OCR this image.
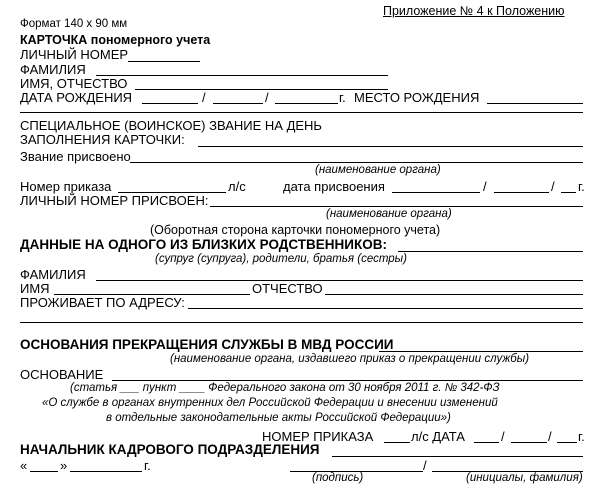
Приложение № 4 к Положению
Формат 140 x 90 мм
КАРТОЧКА пономерного учета
ЛИЧНЫЙ НОМЕР
ФАМИЛИЯ
ИМЯ, ОТЧЕСТВО
ДАТА РОЖДЕНИЯ	/	/	г. МЕСТО РОЖДЕНИЯ
СПЕЦИАЛЬНОЕ (ВОИНСКОЕ) ЗВАНИЕ НА ДЕНЬ
ЗАПОЛНЕНИЯ КАРТОЧКИ:
Звание присвоено
(наименование органа)
Номер приказа	л/с	дата присвоения	/	/ г.
ЛИЧНЫЙ НОМЕР ПРИСВОЕН:
(наименование органа)
(Оборотная сторона карточки пономерного учета)
ДАННЫЕ НА ОДНОГО ИЗ БЛИЗКИХ РОДСТВЕННИКОВ:
(супруг (супруга), родители, братья (сестры)
ФАМИЛИЯ
ИМЯ	ОТЧЕСТВО
ПРОЖИВАЕТ ПО АДРЕСУ:
ОСНОВАНИЯ ПРЕКРАЩЕНИЯ СЛУЖБЫ В МВД РОССИИ
(наименование органа, издавшего приказ о прекращении службы)
ОСНОВАНИЕ
(статья ___ пункт ____ Федерального закона от 30 ноября 2011 г. № 342-ФЗ
«О службе в органах внутренних дел Российской Федерации и внесении изменений
в отдельные законодательные акты Российской Федерации»)
НОМЕР ПРИКАЗА	л/с ДАТА	/	/ г.
НАЧАЛЬНИК КАДРОВОГО ПОДРАЗДЕЛЕНИЯ
«	»	г.	/
(подпись)	(инициалы, фамилия)
